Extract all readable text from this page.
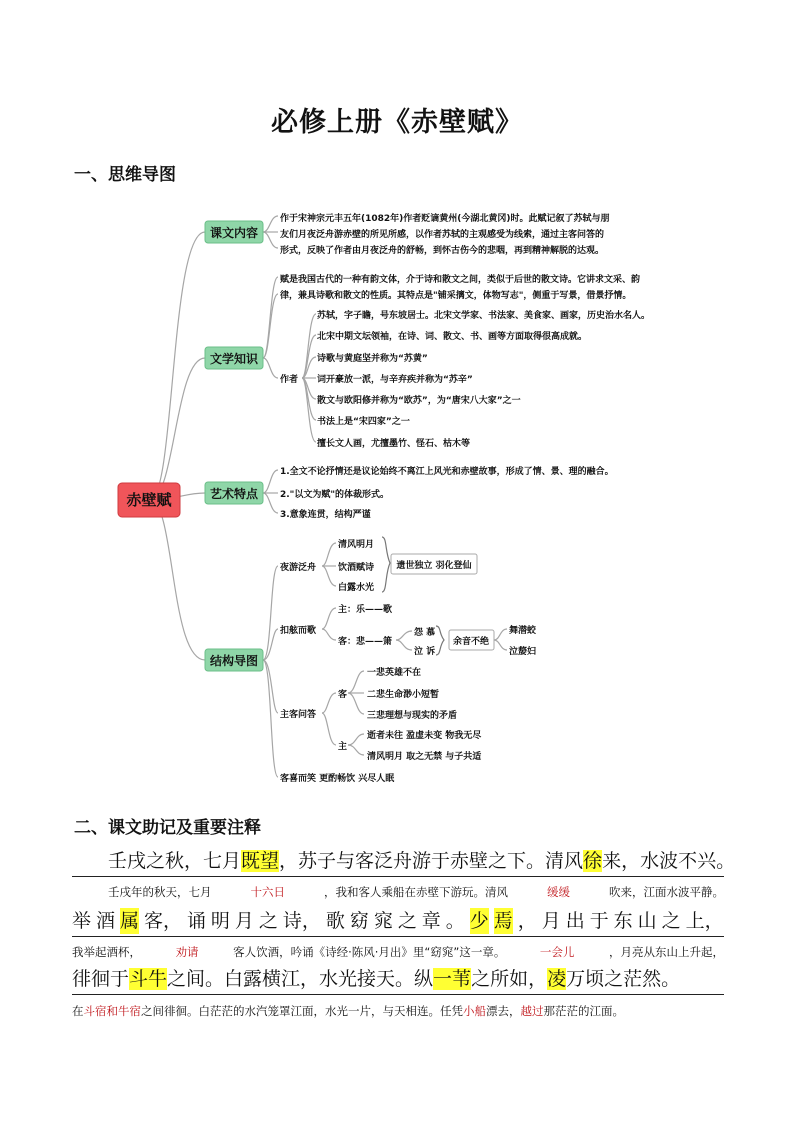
必修上册《赤壁赋》
一、思维导图
赤壁赋
课文内容
文学知识
艺术特点
结构导图
作于宋神宗元丰五年(1082年)作者贬谪黄州(今湖北黄冈)时。此赋记叙了苏轼与朋
友们月夜泛舟游赤壁的所见所感，以作者苏轼的主观感受为线索，通过主客问答的
形式，反映了作者由月夜泛舟的舒畅，到怀古伤今的悲咽，再到精神解脱的达观。
赋是我国古代的一种有韵文体，介于诗和散文之间，类似于后世的散文诗。它讲求文采、韵
律，兼具诗歌和散文的性质。其特点是"铺采摛文，体物写志"，侧重于写景，借景抒情。
作者
苏轼，字子瞻，号东坡居士。北宋文学家、书法家、美食家、画家，历史治水名人。
北宋中期文坛领袖，在诗、词、散文、书、画等方面取得很高成就。
诗歌与黄庭坚并称为“苏黄”
词开豪放一派，与辛弃疾并称为“苏辛”
散文与欧阳修并称为“欧苏”，为“唐宋八大家”之一
书法上是“宋四家”之一
擅长文人画，尤擅墨竹、怪石、枯木等
1.全文不论抒情还是议论始终不离江上风光和赤壁故事，形成了情、景、理的融合。
2."以文为赋"的体裁形式。
3.意象连贯，结构严谨
夜游泛舟
清风明月
饮酒赋诗
白露水光
遗世独立 羽化登仙
扣舷而歌
主：乐——歌
客：悲——箫
怨 慕
泣 诉
余音不绝
舞潜蛟
泣嫠妇
主客问答
客
一悲英雄不在
二悲生命渺小短暂
三悲理想与现实的矛盾
主
逝者未往 盈虚未变 物我无尽
清风明月 取之无禁 与子共适
客喜而笑 更酌畅饮 兴尽人眠
二、课文助记及重要注释
壬戌之秋，七月既望，苏子与客泛舟游于赤壁之下。清风徐来，水波不兴。
壬戌年的秋天，七月	十六日	，我和客人乘船在赤壁下游玩。清风	缓缓	吹来，江面水波平静。
举 酒 属 客， 诵 明 月 之 诗， 歌 窈 窕 之 章 。 少 焉 ， 月 出 于 东 山 之 上，
我举起酒杯，	劝请	客人饮酒，吟诵《诗经·陈风·月出》里“窈窕”这一章。	一会儿	，月亮从东山上升起，
徘徊于斗牛之间。白露横江，水光接天。纵一苇之所如，凌万顷之茫然。
在斗宿和牛宿之间徘徊。白茫茫的水汽笼罩江面，水光一片，与天相连。任凭小船漂去，越过那茫茫的江面。
